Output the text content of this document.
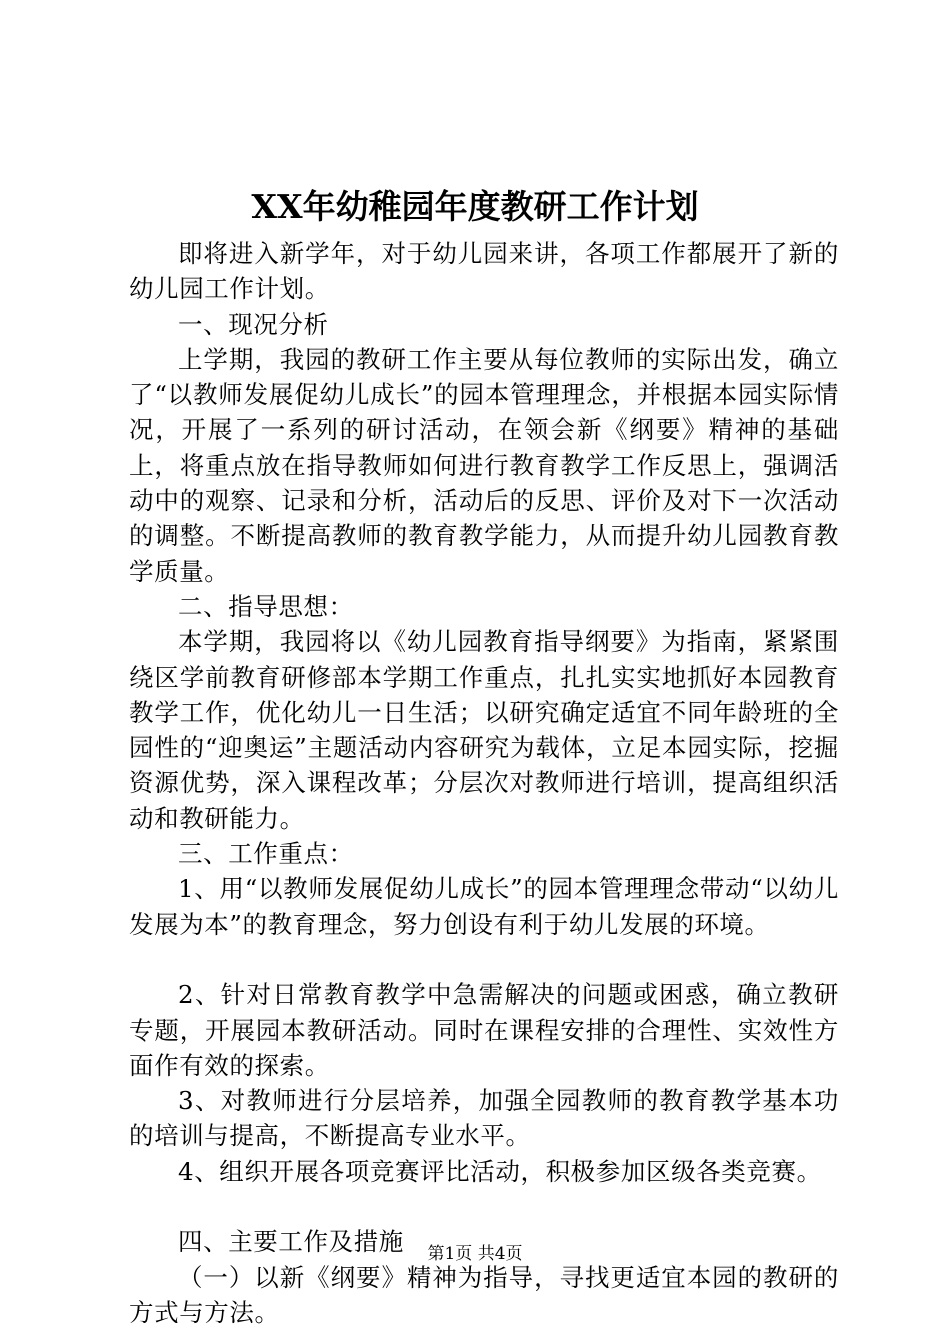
XX年幼稚园年度教研工作计划

即将进入新学年，对于幼儿园来讲，各项工作都展开了新的幼儿园工作计划。

一、现况分析

上学期，我园的教研工作主要从每位教师的实际出发，确立了“以教师发展促幼儿成长”的园本管理理念，并根据本园实际情况，开展了一系列的研讨活动，在领会新《纲要》精神的基础上，将重点放在指导教师如何进行教育教学工作反思上，强调活动中的观察、记录和分析，活动后的反思、评价及对下一次活动的调整。不断提高教师的教育教学能力，从而提升幼儿园教育教学质量。

二、指导思想：

本学期，我园将以《幼儿园教育指导纲要》为指南，紧紧围绕区学前教育研修部本学期工作重点，扎扎实实地抓好本园教育教学工作，优化幼儿一日生活；以研究确定适宜不同年龄班的全园性的“迎奥运”主题活动内容研究为载体，立足本园实际，挖掘资源优势，深入课程改革；分层次对教师进行培训，提高组织活动和教研能力。

三、工作重点：

1、用“以教师发展促幼儿成长”的园本管理理念带动“以幼儿发展为本”的教育理念，努力创设有利于幼儿发展的环境。

2、针对日常教育教学中急需解决的问题或困惑，确立教研专题，开展园本教研活动。同时在课程安排的合理性、实效性方面作有效的探索。

3、对教师进行分层培养，加强全园教师的教育教学基本功的培训与提高，不断提高专业水平。

4、组织开展各项竞赛评比活动，积极参加区级各类竞赛。

四、主要工作及措施

（一）以新《纲要》精神为指导，寻找更适宜本园的教研的方式与方法。

第1页 共4页
